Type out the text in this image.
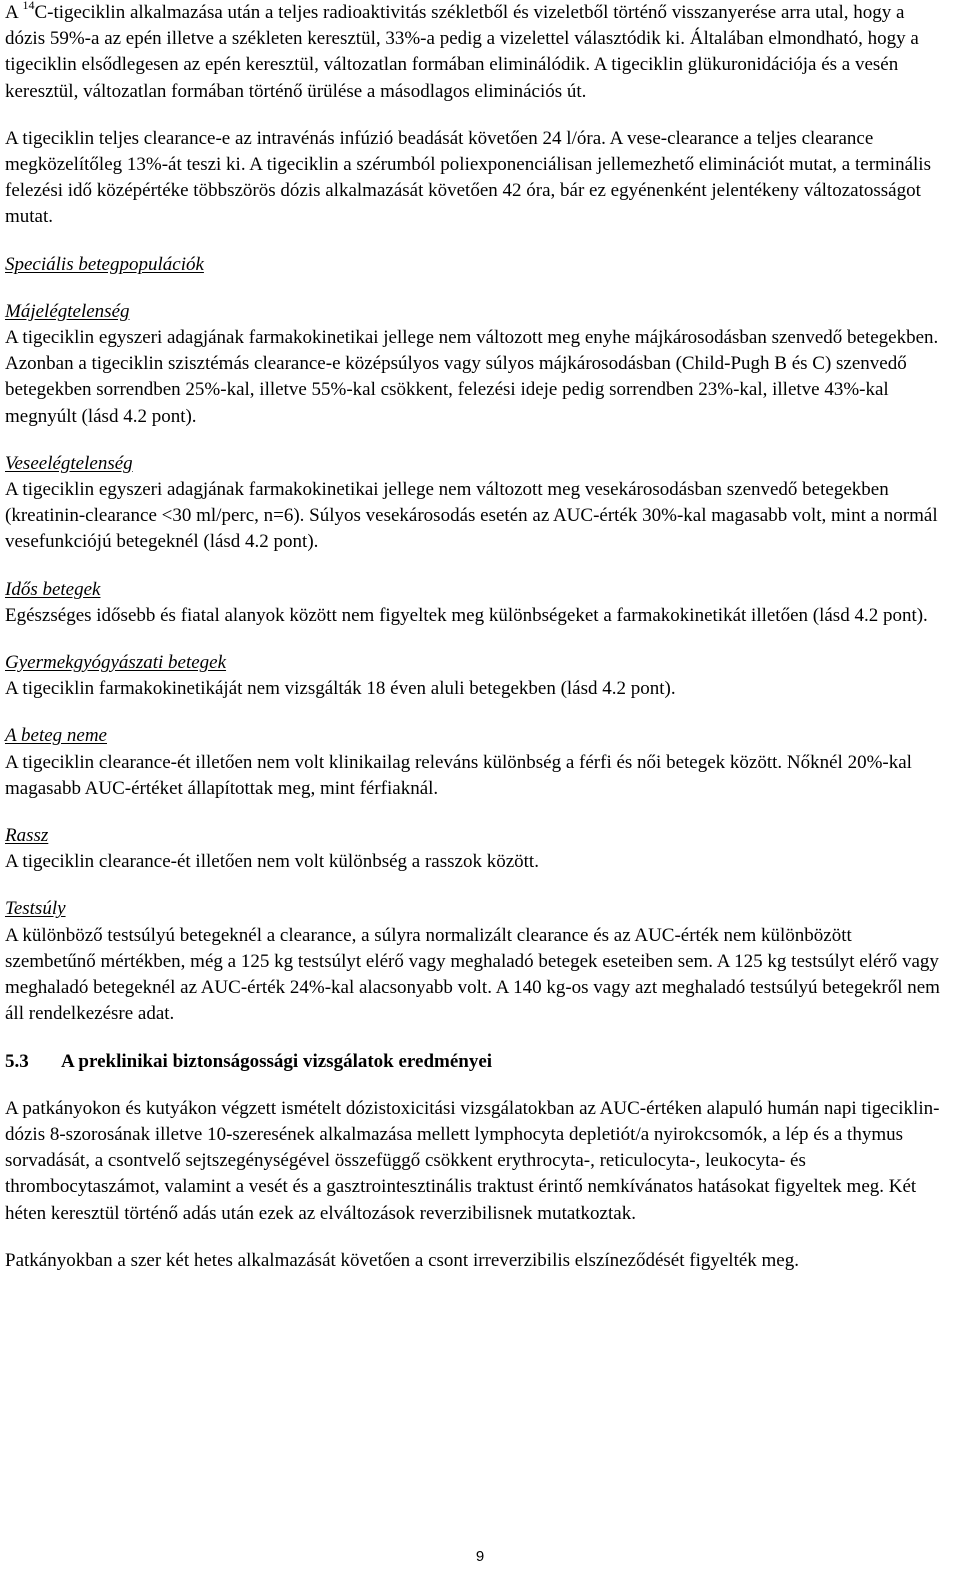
A $^{14}$C-tigeciklin alkalmazása után a teljes radioaktivitás székletből és vizeletből történő visszanyerése arra utal, hogy a dózis 59%-a az epén illetve a székleten keresztül, 33%-a pedig a vizelettel választódik ki. Általában elmondható, hogy a tigeciklin elsődlegesen az epén keresztül, változatlan formában eliminálódik. A tigeciklin glükuronidációja és a vesén keresztül, változatlan formában történő ürülése a másodlagos eliminációs út.

A tigeciklin teljes clearance-e az intravénás infúzió beadását követően 24 l/óra. A vese-clearance a teljes clearance megközelítőleg 13%-át teszi ki. A tigeciklin a szérumból poliexponenciálisan jellemezhető eliminációt mutat, a terminális felezési idő középértéke többszörös dózis alkalmazását követően 42 óra, bár ez egyénenként jelentékeny változatosságot mutat.

Speciális betegpopulációk

Májelégtelenség

A tigeciklin egyszeri adagjának farmakokinetikai jellege nem változott meg enyhe májkárosodásban szenvedő betegekben. Azonban a tigeciklin szisztémás clearance-e középsúlyos vagy súlyos májkárosodásban (Child-Pugh B és C) szenvedő betegekben sorrendben 25%-kal, illetve 55%-kal csökkent, felezési ideje pedig sorrendben 23%-kal, illetve 43%-kal megnyúlt (lásd 4.2 pont).

Veseelégtelenség

A tigeciklin egyszeri adagjának farmakokinetikai jellege nem változott meg vesekárosodásban szenvedő betegekben (kreatinin-clearance <30 ml/perc, n=6). Súlyos vesekárosodás esetén az AUC-érték 30%-kal magasabb volt, mint a normál vesefunkciójú betegeknél (lásd 4.2 pont).

Idős betegek

Egészséges idősebb és fiatal alanyok között nem figyeltek meg különbségeket a farmakokinetikát illetően (lásd 4.2 pont).

Gyermekgyógyászati betegek

A tigeciklin farmakokinetikáját nem vizsgálták 18 éven aluli betegekben (lásd 4.2 pont).

A beteg neme

A tigeciklin clearance-ét illetően nem volt klinikailag releváns különbség a férfi és női betegek között. Nőknél 20%-kal magasabb AUC-értéket állapítottak meg, mint férfiaknál.

Rassz

A tigeciklin clearance-ét illetően nem volt különbség a rasszok között.

Testsúly

A különböző testsúlyú betegeknél a clearance, a súlyra normalizált clearance és az AUC-érték nem különbözött szembetűnő mértékben, még a 125 kg testsúlyt elérő vagy meghaladó betegek eseteiben sem. A 125 kg testsúlyt elérő vagy meghaladó betegeknél az AUC-érték 24%-kal alacsonyabb volt. A 140 kg-os vagy azt meghaladó testsúlyú betegekről nem áll rendelkezésre adat.

5.3 A preklinikai biztonságossági vizsgálatok eredményei

A patkányokon és kutyákon végzett ismételt dózistoxicitási vizsgálatokban az AUC-értéken alapuló humán napi tigeciklin-dózis 8-szorosának illetve 10-szeresének alkalmazása mellett lymphocyta depletiót/a nyirokcsomók, a lép és a thymus sorvadását, a csontvelő sejtszegénységével összefüggő csökkent erythrocyta-, reticulocyta-, leukocyta- és thrombocytaszámot, valamint a vesét és a gasztrointesztinális traktust érintő nemkívánatos hatásokat figyeltek meg. Két héten keresztül történő adás után ezek az elváltozások reverzibilisnek mutatkoztak.

Patkányokban a szer két hetes alkalmazását követően a csont irreverzibilis elszíneződését figyelték meg.

9
